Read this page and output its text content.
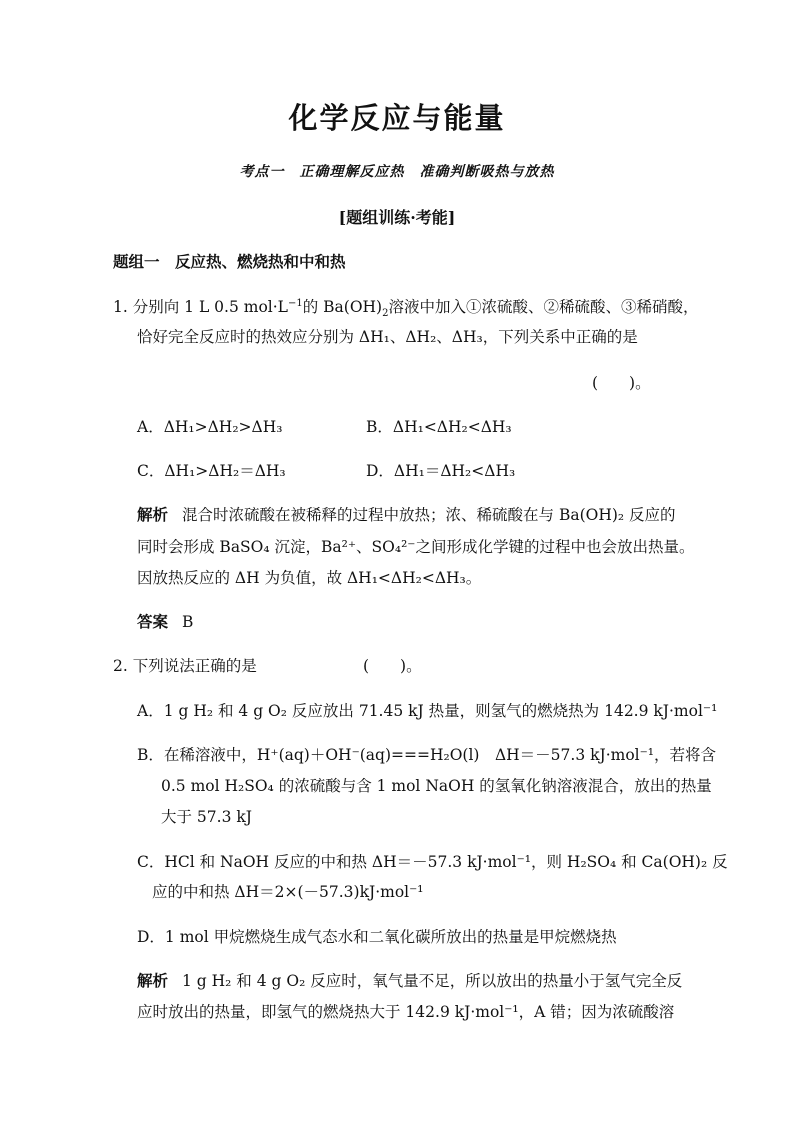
化学反应与能量
考点一　正确理解反应热　准确判断吸热与放热
[题组训练·考能]
题组一　反应热、燃烧热和中和热
1. 分别向 1 L 0.5 $mol\cdot L^{-1}$的 $Ba(OH)_2$溶液中加入①浓硫酸、②稀硫酸、③稀硝酸，
恰好完全反应时的热效应分别为 ΔH₁、ΔH₂、ΔH₃，下列关系中正确的是
(　　)。
A．ΔH₁>ΔH₂>ΔH₃	B．ΔH₁<ΔH₂<ΔH₃
C．ΔH₁>ΔH₂＝ΔH₃	D．ΔH₁＝ΔH₂<ΔH₃
解析 混合时浓硫酸在被稀释的过程中放热；浓、稀硫酸在与 Ba(OH)₂ 反应的
同时会形成 BaSO₄ 沉淀，Ba²⁺、SO₄²⁻之间形成化学键的过程中也会放出热量。
因放热反应的 ΔH 为负值，故 ΔH₁<ΔH₂<ΔH₃。
答案 B
2. 下列说法正确的是	(　　)。
A．1 g H₂ 和 4 g O₂ 反应放出 71.45 kJ 热量，则氢气的燃烧热为 142.9 kJ·mol⁻¹
B．在稀溶液中，H⁺(aq)＋OH⁻(aq)===H₂O(l)　ΔH＝－57.3 kJ·mol⁻¹，若将含
0.5 mol H₂SO₄ 的浓硫酸与含 1 mol NaOH 的氢氧化钠溶液混合，放出的热量
大于 57.3 kJ
C．HCl 和 NaOH 反应的中和热 ΔH＝－57.3 kJ·mol⁻¹，则 H₂SO₄ 和 Ca(OH)₂ 反
应的中和热 ΔH＝2×(－57.3)kJ·mol⁻¹
D．1 mol 甲烷燃烧生成气态水和二氧化碳所放出的热量是甲烷燃烧热
解析 1 g H₂ 和 4 g O₂ 反应时，氧气量不足，所以放出的热量小于氢气完全反
应时放出的热量，即氢气的燃烧热大于 142.9 kJ·mol⁻¹，A 错；因为浓硫酸溶
